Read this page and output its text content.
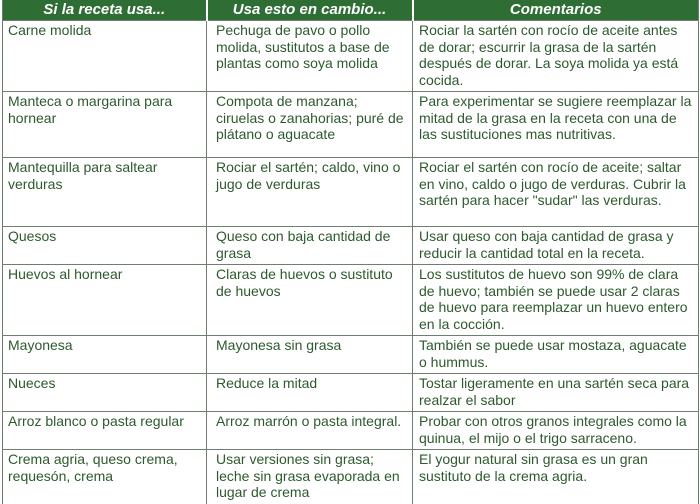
Si la receta usa...	Usa esto en cambio...	Comentarios
Carne molida	Pechuga de pavo o pollo molida, sustitutos a base de plantas como soya molida	Rociar la sartén con rocío de aceite antes de dorar; escurrir la grasa de la sartén después de dorar. La soya molida ya está cocida.
Manteca o margarina para hornear	Compota de manzana; ciruelas o zanahorias; puré de plátano o aguacate	Para experimentar se sugiere reemplazar la mitad de la grasa en la receta con una de las sustituciones mas nutritivas.
Mantequilla para saltear verduras	Rociar el sartén; caldo, vino o jugo de verduras	Rociar el sartén con rocío de aceite; saltar en vino, caldo o jugo de verduras. Cubrir la sartén para hacer "sudar" las verduras.
Quesos	Queso con baja cantidad de grasa	Usar queso con baja cantidad de grasa y reducir la cantidad total en la receta.
Huevos al hornear	Claras de huevos o sustituto de huevos	Los sustitutos de huevo son 99% de clara de huevo; también se puede usar 2 claras de huevo para reemplazar un huevo entero en la cocción.
Mayonesa	Mayonesa sin grasa	También se puede usar mostaza, aguacate o hummus.
Nueces	Reduce la mitad	Tostar ligeramente en una sartén seca para realzar el sabor
Arroz blanco o pasta regular	Arroz marrón o pasta integral.	Probar con otros granos integrales como la quinua, el mijo o el trigo sarraceno.
Crema agria, queso crema, requesón, crema	Usar versiones sin grasa; leche sin grasa evaporada en lugar de crema	El yogur natural sin grasa es un gran sustituto de la crema agria.
